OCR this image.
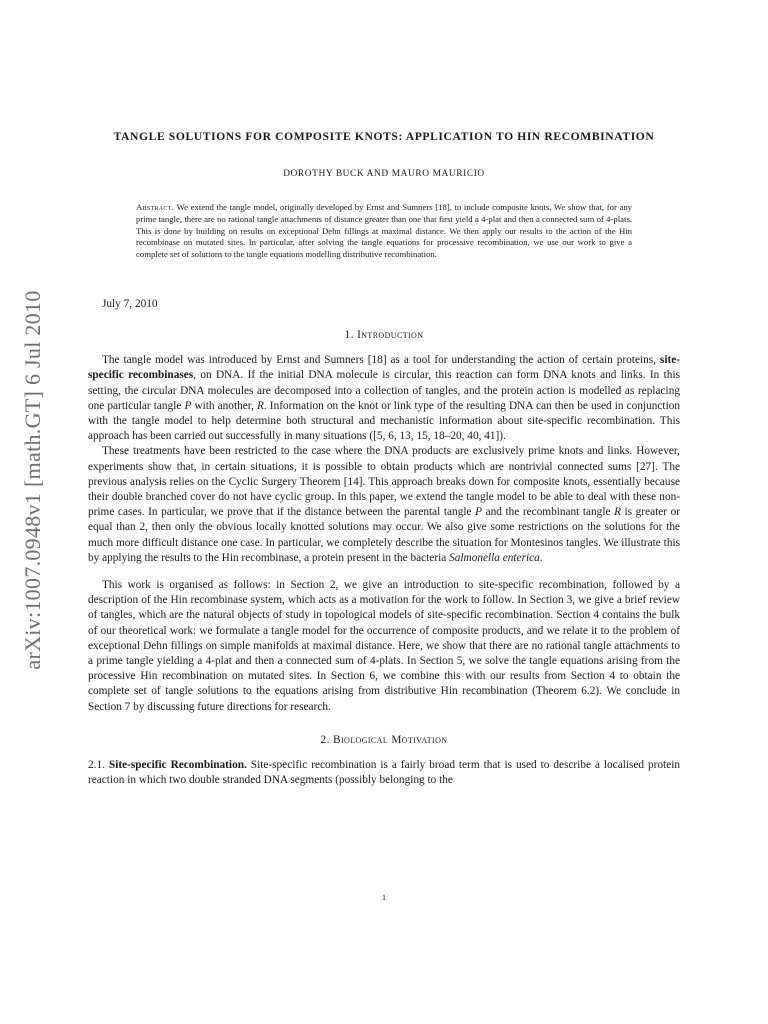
arXiv:1007.0948v1 [math.GT] 6 Jul 2010
TANGLE SOLUTIONS FOR COMPOSITE KNOTS: APPLICATION TO HIN RECOMBINATION
DOROTHY BUCK AND MAURO MAURICIO
Abstract. We extend the tangle model, originally developed by Ernst and Sumners [18], to include composite knots. We show that, for any prime tangle, there are no rational tangle attachments of distance greater than one that first yield a 4-plat and then a connected sum of 4-plats. This is done by building on results on exceptional Dehn fillings at maximal distance. We then apply our results to the action of the Hin recombinase on mutated sites. In particular, after solving the tangle equations for processive recombination, we use our work to give a complete set of solutions to the tangle equations modelling distributive recombination.
July 7, 2010
1. Introduction

The tangle model was introduced by Ernst and Sumners [18] as a tool for understanding the action of certain proteins, site-specific recombinases, on DNA. If the initial DNA molecule is circular, this reaction can form DNA knots and links. In this setting, the circular DNA molecules are decomposed into a collection of tangles, and the protein action is modelled as replacing one particular tangle P with another, R. Information on the knot or link type of the resulting DNA can then be used in conjunction with the tangle model to help determine both structural and mechanistic information about site-specific recombination. This approach has been carried out successfully in many situations ([5, 6, 13, 15, 18–20, 40, 41]).

These treatments have been restricted to the case where the DNA products are exclusively prime knots and links. However, experiments show that, in certain situations, it is possible to obtain products which are nontrivial connected sums [27]. The previous analysis relies on the Cyclic Surgery Theorem [14]. This approach breaks down for composite knots, essentially because their double branched cover do not have cyclic group. In this paper, we extend the tangle model to be able to deal with these non-prime cases. In particular, we prove that if the distance between the parental tangle P and the recombinant tangle R is greater or equal than 2, then only the obvious locally knotted solutions may occur. We also give some restrictions on the solutions for the much more difficult distance one case. In particular, we completely describe the situation for Montesinos tangles. We illustrate this by applying the results to the Hin recombinase, a protein present in the bacteria Salmonella enterica.

This work is organised as follows: in Section 2, we give an introduction to site-specific recombination, followed by a description of the Hin recombinase system, which acts as a motivation for the work to follow. In Section 3, we give a brief review of tangles, which are the natural objects of study in topological models of site-specific recombination. Section 4 contains the bulk of our theoretical work: we formulate a tangle model for the occurrence of composite products, and we relate it to the problem of exceptional Dehn fillings on simple manifolds at maximal distance. Here, we show that there are no rational tangle attachments to a prime tangle yielding a 4-plat and then a connected sum of 4-plats. In Section 5, we solve the tangle equations arising from the processive Hin recombination on mutated sites. In Section 6, we combine this with our results from Section 4 to obtain the complete set of tangle solutions to the equations arising from distributive Hin recombination (Theorem 6.2). We conclude in Section 7 by discussing future directions for research.

2. Biological Motivation

2.1. Site-specific Recombination. Site-specific recombination is a fairly broad term that is used to describe a localised protein reaction in which two double stranded DNA segments (possibly belonging to the

1
